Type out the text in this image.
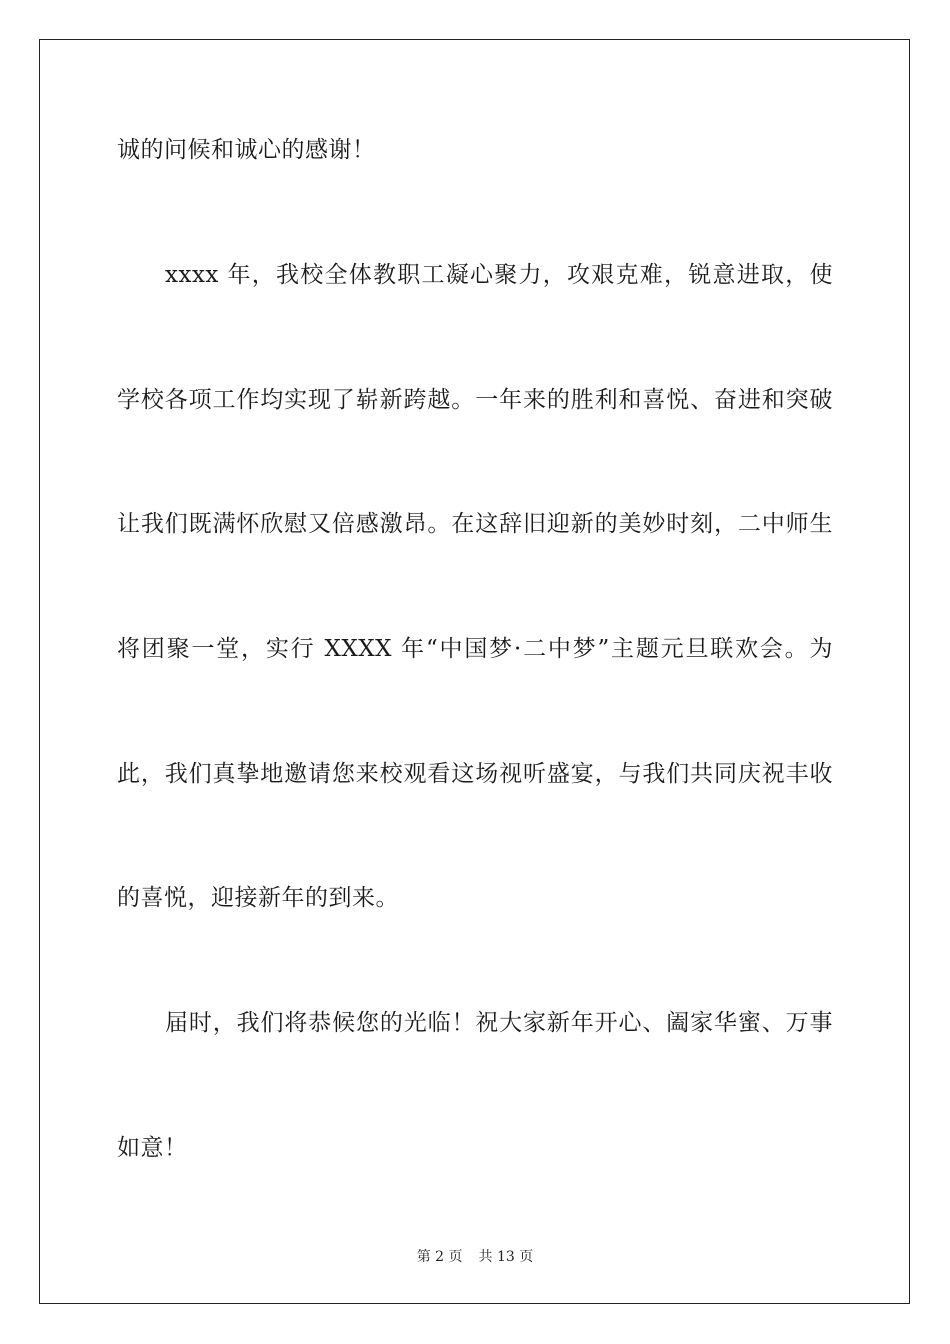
诚的问候和诚心的感谢！
xxxx 年，我校全体教职工凝心聚力，攻艰克难，锐意进取，使
学校各项工作均实现了崭新跨越。一年来的胜利和喜悦、奋进和突破
让我们既满怀欣慰又倍感激昂。在这辞旧迎新的美妙时刻，二中师生
将团聚一堂，实行 XXXX 年“中国梦·二中梦”主题元旦联欢会。为
此，我们真挚地邀请您来校观看这场视听盛宴，与我们共同庆祝丰收
的喜悦，迎接新年的到来。
届时，我们将恭候您的光临！祝大家新年开心、阖家华蜜、万事
如意！
第 2 页 共 13 页
